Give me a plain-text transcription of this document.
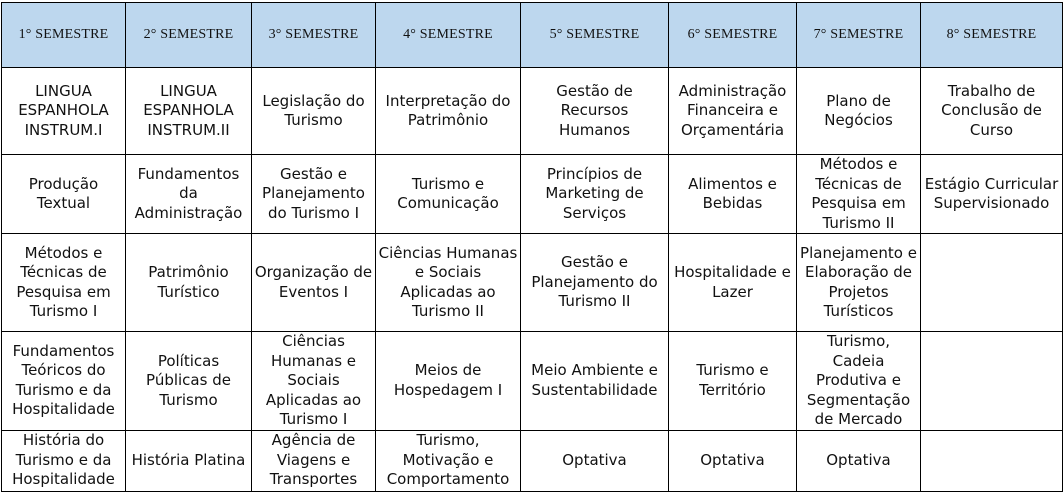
1° SEMESTRE	2° SEMESTRE	3° SEMESTRE	4° SEMESTRE	5° SEMESTRE	6° SEMESTRE	7° SEMESTRE	8° SEMESTRE
LINGUA ESPANHOLA INSTRUM.I	LINGUA ESPANHOLA INSTRUM.II	Legislação do Turismo	Interpretação do Patrimônio	Gestão de Recursos Humanos	Administração Financeira e Orçamentária	Plano de Negócios	Trabalho de Conclusão de Curso
Produção Textual	Fundamentos da Administração	Gestão e Planejamento do Turismo I	Turismo e Comunicação	Princípios de Marketing de Serviços	Alimentos e Bebidas	Métodos e Técnicas de Pesquisa em Turismo II	Estágio Curricular Supervisionado
Métodos e Técnicas de Pesquisa em Turismo I	Patrimônio Turístico	Organização de Eventos I	Ciências Humanas e Sociais Aplicadas ao Turismo II	Gestão e Planejamento do Turismo II	Hospitalidade e Lazer	Planejamento e Elaboração de Projetos Turísticos	
Fundamentos Teóricos do Turismo e da Hospitalidade	Políticas Públicas de Turismo	Ciências Humanas e Sociais Aplicadas ao Turismo I	Meios de Hospedagem I	Meio Ambiente e Sustentabilidade	Turismo e Território	Turismo, Cadeia Produtiva e Segmentação de Mercado	
História do Turismo e da Hospitalidade	História Platina	Agência de Viagens e Transportes	Turismo, Motivação e Comportamento	Optativa	Optativa	Optativa	
